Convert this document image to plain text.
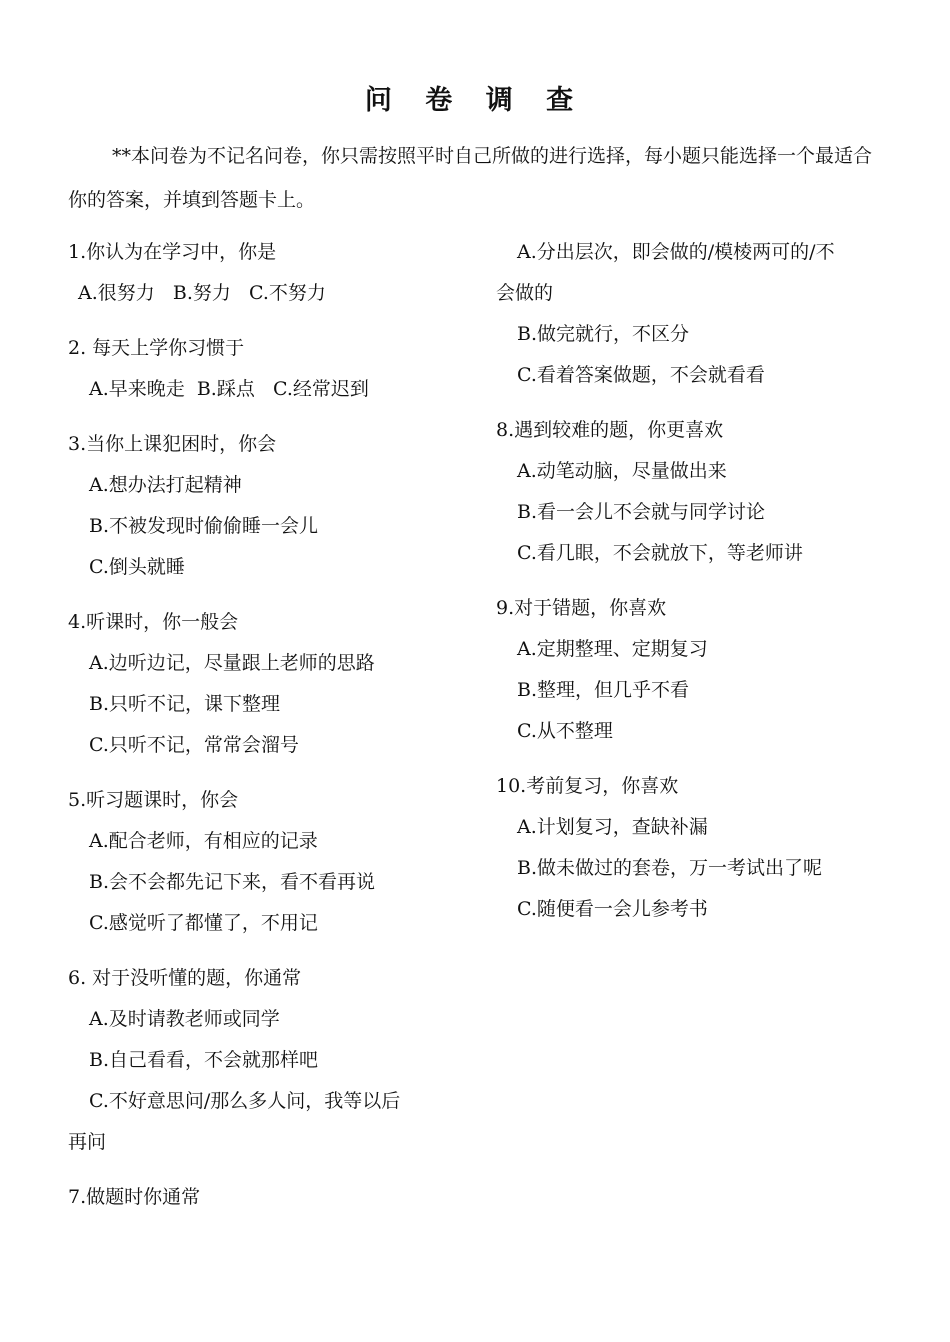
问 卷 调 查
**本问卷为不记名问卷，你只需按照平时自己所做的进行选择，每小题只能选择一个最适合你的答案，并填到答题卡上。
1.你认为在学习中，你是
A.很努力   B.努力   C.不努力
2. 每天上学你习惯于
A.早来晚走  B.踩点   C.经常迟到
3.当你上课犯困时，你会
A.想办法打起精神
B.不被发现时偷偷睡一会儿
C.倒头就睡
4.听课时，你一般会
A.边听边记，尽量跟上老师的思路
B.只听不记，课下整理
C.只听不记，常常会溜号
5.听习题课时，你会
A.配合老师，有相应的记录
B.会不会都先记下来，看不看再说
C.感觉听了都懂了，不用记
6. 对于没听懂的题，你通常
A.及时请教老师或同学
B.自己看看，不会就那样吧
C.不好意思问/那么多人问，我等以后
再问
7.做题时你通常
A.分出层次，即会做的/模棱两可的/不
会做的
B.做完就行，不区分
C.看着答案做题，不会就看看
8.遇到较难的题，你更喜欢
A.动笔动脑，尽量做出来
B.看一会儿不会就与同学讨论
C.看几眼，不会就放下，等老师讲
9.对于错题，你喜欢
A.定期整理、定期复习
B.整理，但几乎不看
C.从不整理
10.考前复习，你喜欢
A.计划复习，查缺补漏
B.做未做过的套卷，万一考试出了呢
C.随便看一会儿参考书
